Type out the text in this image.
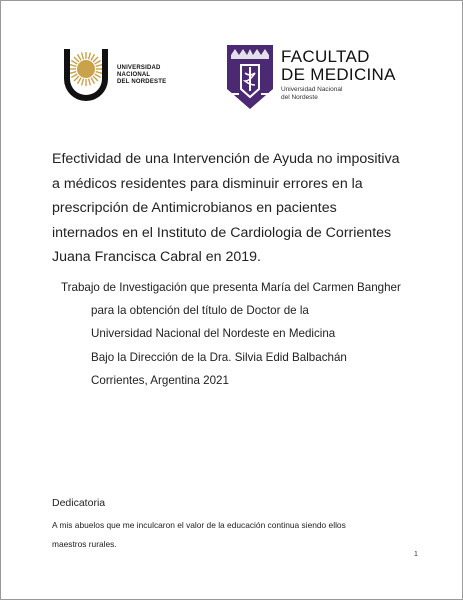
UNIVERSIDAD
NACIONAL
DEL NORDESTE
FACULTAD
DE MEDICINA
Universidad Nacional
del Nordeste
Efectividad de una Intervención de Ayuda no impositiva
a médicos residentes para disminuir errores en la
prescripción de Antimicrobianos en pacientes
internados en el Instituto de Cardiologia de Corrientes
Juana Francisca Cabral en 2019.
Trabajo de Investigación que presenta María del Carmen Bangher
para la obtención del título de Doctor de la
Universidad Nacional del Nordeste en Medicina
Bajo la Dirección de la Dra. Silvia Edid Balbachán
Corrientes, Argentina 2021
Dedicatoria
A mis abuelos que me inculcaron el valor de la educación continua siendo ellos
maestros rurales.
1
